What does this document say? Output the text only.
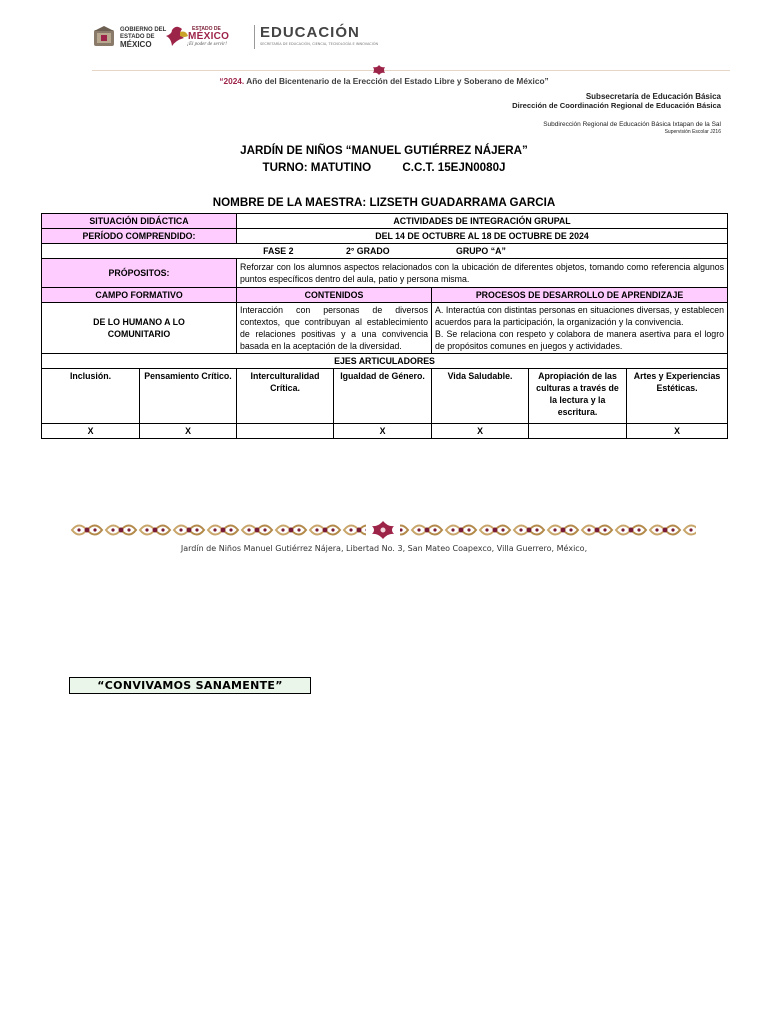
GOBIERNO DEL
ESTADO DE
MÉXICO
ESTADO DE
MÉXICO
¡El poder de servir!
EDUCACIÓN
SECRETARÍA DE EDUCACIÓN, CIENCIA, TECNOLOGÍA E INNOVACIÓN
“2024. Año del Bicentenario de la Erección del Estado Libre y Soberano de México”
Subsecretaría de Educación Básica
Dirección de Coordinación Regional de Educación Básica
Subdirección Regional de Educación Básica Ixtapan de la Sal
Supervisión Escolar J216
JARDÍN DE NIÑOS “MANUEL GUTIÉRREZ NÁJERA”
TURNO: MATUTINO	C.C.T. 15EJN0080J
NOMBRE DE LA MAESTRA: LIZSETH GUADARRAMA GARCIA
SITUACIÓN DIDÁCTICA		ACTIVIDADES DE INTEGRACIÓN GRUPAL				
PERÍODO COMPRENDIDO:		DEL 14 DE OCTUBRE AL 18 DE OCTUBRE DE 2024				
FASE 2 2° GRADO GRUPO “A”						
PRÓPOSITOS:		Reforzar con los alumnos aspectos relacionados con la ubicación de diferentes objetos, tomando como referencia algunos puntos específicos dentro del aula, patio y persona misma.				
CAMPO FORMATIVO		CONTENIDOS		PROCESOS DE DESARROLLO DE APRENDIZAJE		
DE LO HUMANO A LO COMUNITARIO		Interacción con personas de diversos contextos, que contribuyan al establecimiento de relaciones positivas y a una convivencia basada en la aceptación de la diversidad.		A. Interactúa con distintas personas en situaciones diversas, y establecen acuerdos para la participación, la organización y la convivencia.
B. Se relaciona con respeto y colabora de manera asertiva para el logro de propósitos comunes en juegos y actividades.		

EJES ARTICULADORES						
Inclusión.	Pensamiento Crítico.	Interculturalidad Crítica.	Igualdad de Género.	Vida Saludable.	Apropiación de las culturas a través de la lectura y la escritura.	Artes y Experiencias Estéticas.
X	X		X	X		X
Jardín de Niños Manuel Gutiérrez Nájera, Libertad No. 3, San Mateo Coapexco, Villa Guerrero, México,
“CONVIVAMOS SANAMENTE”
